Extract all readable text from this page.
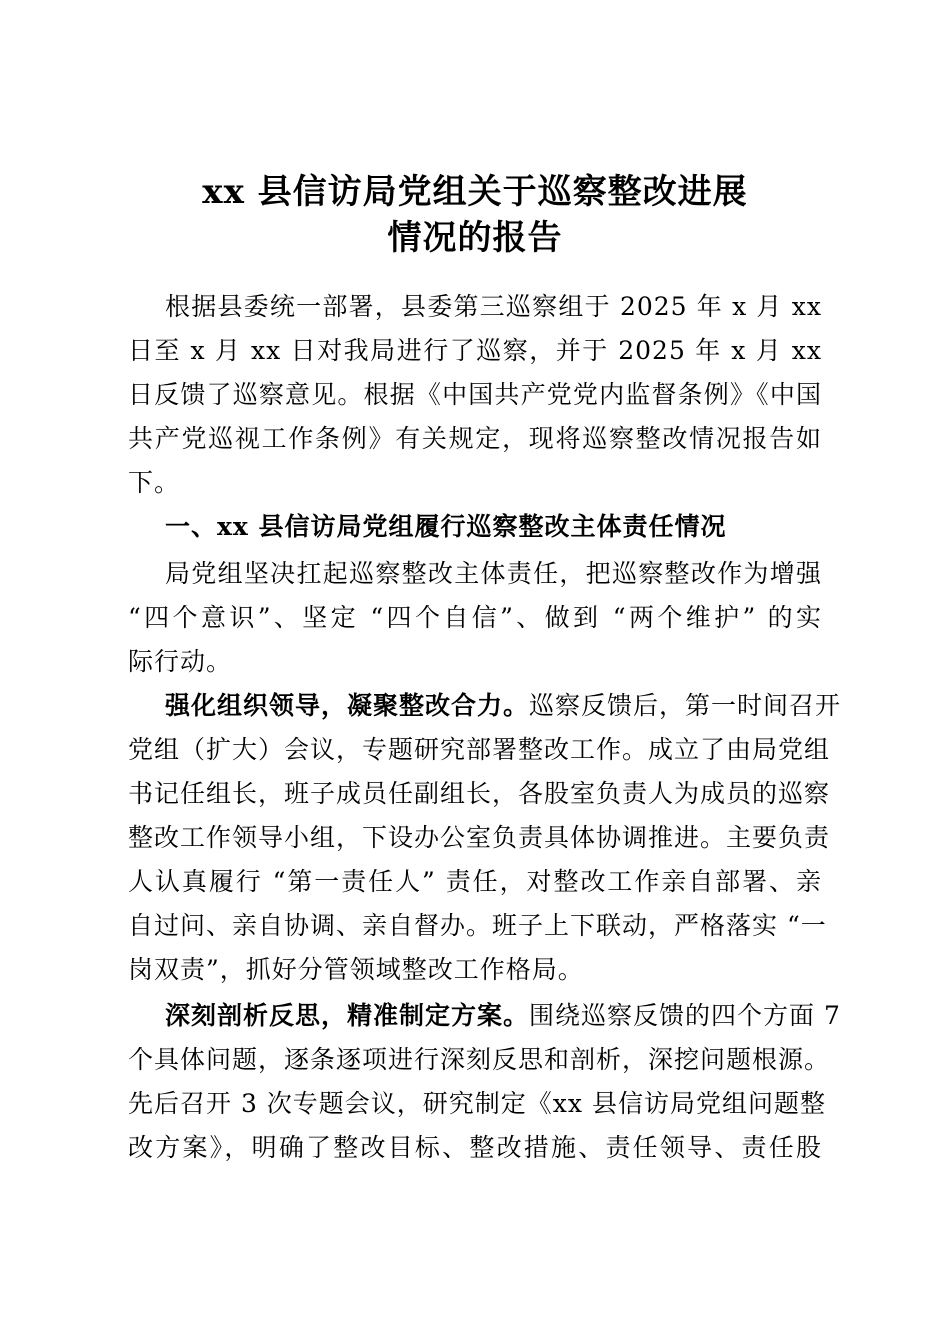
xx 县信访局党组关于巡察整改进展
情况的报告
根据县委统一部署，县委第三巡察组于 2025 年 x 月 xx
日至 x 月 xx 日对我局进行了巡察，并于 2025 年 x 月 xx
日反馈了巡察意见。根据《中国共产党党内监督条例》《中国
共产党巡视工作条例》有关规定，现将巡察整改情况报告如
下。
一、xx 县信访局党组履行巡察整改主体责任情况
局党组坚决扛起巡察整改主体责任，把巡察整改作为增强
“四个意识”、坚定 “四个自信”、做到 “两个维护” 的实
际行动。
强化组织领导，凝聚整改合力。巡察反馈后，第一时间召开
党组（扩大）会议，专题研究部署整改工作。成立了由局党组
书记任组长，班子成员任副组长，各股室负责人为成员的巡察
整改工作领导小组，下设办公室负责具体协调推进。主要负责
人认真履行 “第一责任人” 责任，对整改工作亲自部署、亲
自过问、亲自协调、亲自督办。班子上下联动，严格落实 “一
岗双责”，抓好分管领域整改工作格局。
深刻剖析反思，精准制定方案。围绕巡察反馈的四个方面 7
个具体问题，逐条逐项进行深刻反思和剖析，深挖问题根源。
先后召开 3 次专题会议，研究制定《xx 县信访局党组问题整
改方案》，明确了整改目标、整改措施、责任领导、责任股
